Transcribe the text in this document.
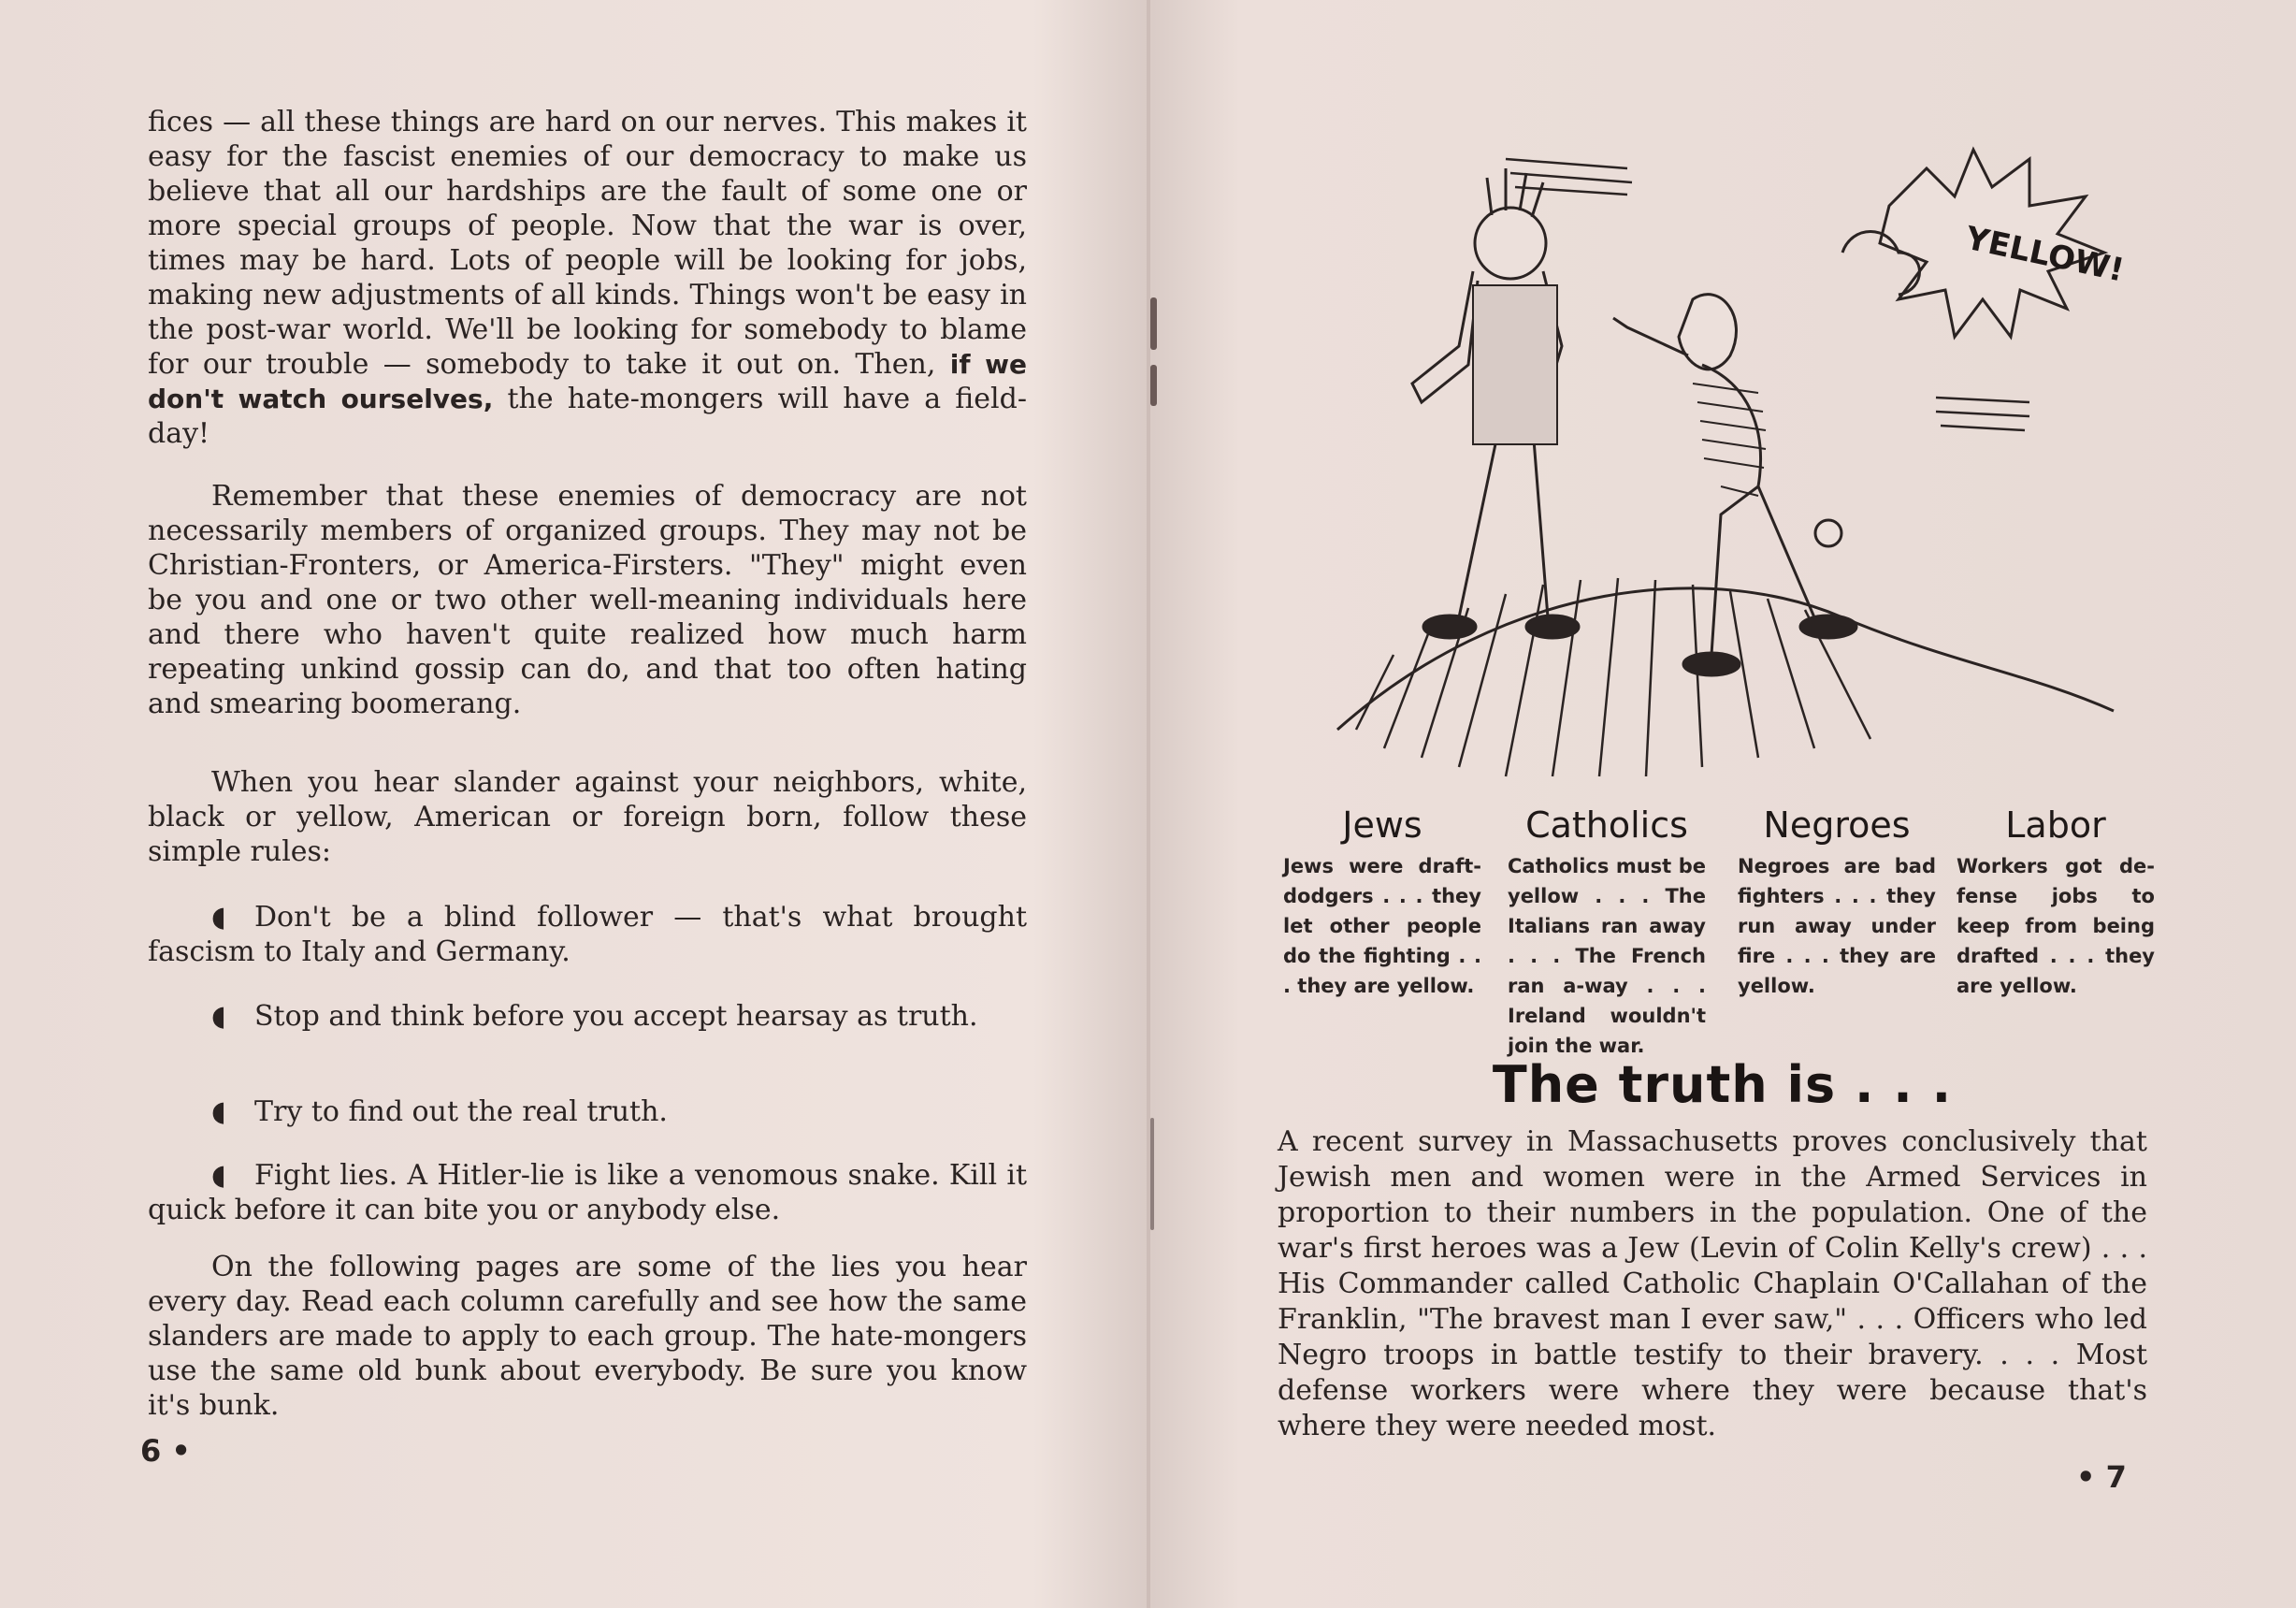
fices — all these things are hard on our nerves. This makes it easy for the fascist enemies of our democracy to make us believe that all our hardships are the fault of some one or more special groups of people. Now that the war is over, times may be hard. Lots of people will be looking for jobs, making new adjustments of all kinds. Things won't be easy in the post-war world. We'll be looking for somebody to blame for our trouble — somebody to take it out on. Then, if we don't watch ourselves, the hate-mongers will have a field-day!
Remember that these enemies of democracy are not necessarily members of organized groups. They may not be Christian-Fronters, or America-Firsters. "They" might even be you and one or two other well-meaning individuals here and there who haven't quite realized how much harm repeating unkind gossip can do, and that too often hating and smearing boomerang.
When you hear slander against your neighbors, white, black or yellow, American or foreign born, follow these simple rules:
◖ Don't be a blind follower — that's what brought fascism to Italy and Germany.
◖ Stop and think before you accept hearsay as truth.
◖ Try to find out the real truth.
◖ Fight lies. A Hitler-lie is like a venomous snake. Kill it quick before it can bite you or anybody else.
On the following pages are some of the lies you hear every day. Read each column carefully and see how the same slanders are made to apply to each group. The hate-mongers use the same old bunk about everybody. Be sure you know it's bunk.
6 •
YELLOW!
Jews

Jews were draft-dodgers . . . they let other people do the fighting . . . they are yellow.

Catholics

Catholics must be yellow . . . The Italians ran away . . . The French ran a-way . . . Ireland wouldn't join the war.

Negroes

Negroes are bad fighters . . . they run away under fire . . . they are yellow.

Labor

Workers got de-fense jobs to keep from being drafted . . . they are yellow.

The truth is . . .
A recent survey in Massachusetts proves conclusively that Jewish men and women were in the Armed Services in proportion to their numbers in the population. One of the war's first heroes was a Jew (Levin of Colin Kelly's crew) . . . His Commander called Catholic Chaplain O'Callahan of the Franklin, "The bravest man I ever saw," . . . Officers who led Negro troops in battle testify to their bravery. . . . Most defense workers were where they were because that's where they were needed most.
• 7
